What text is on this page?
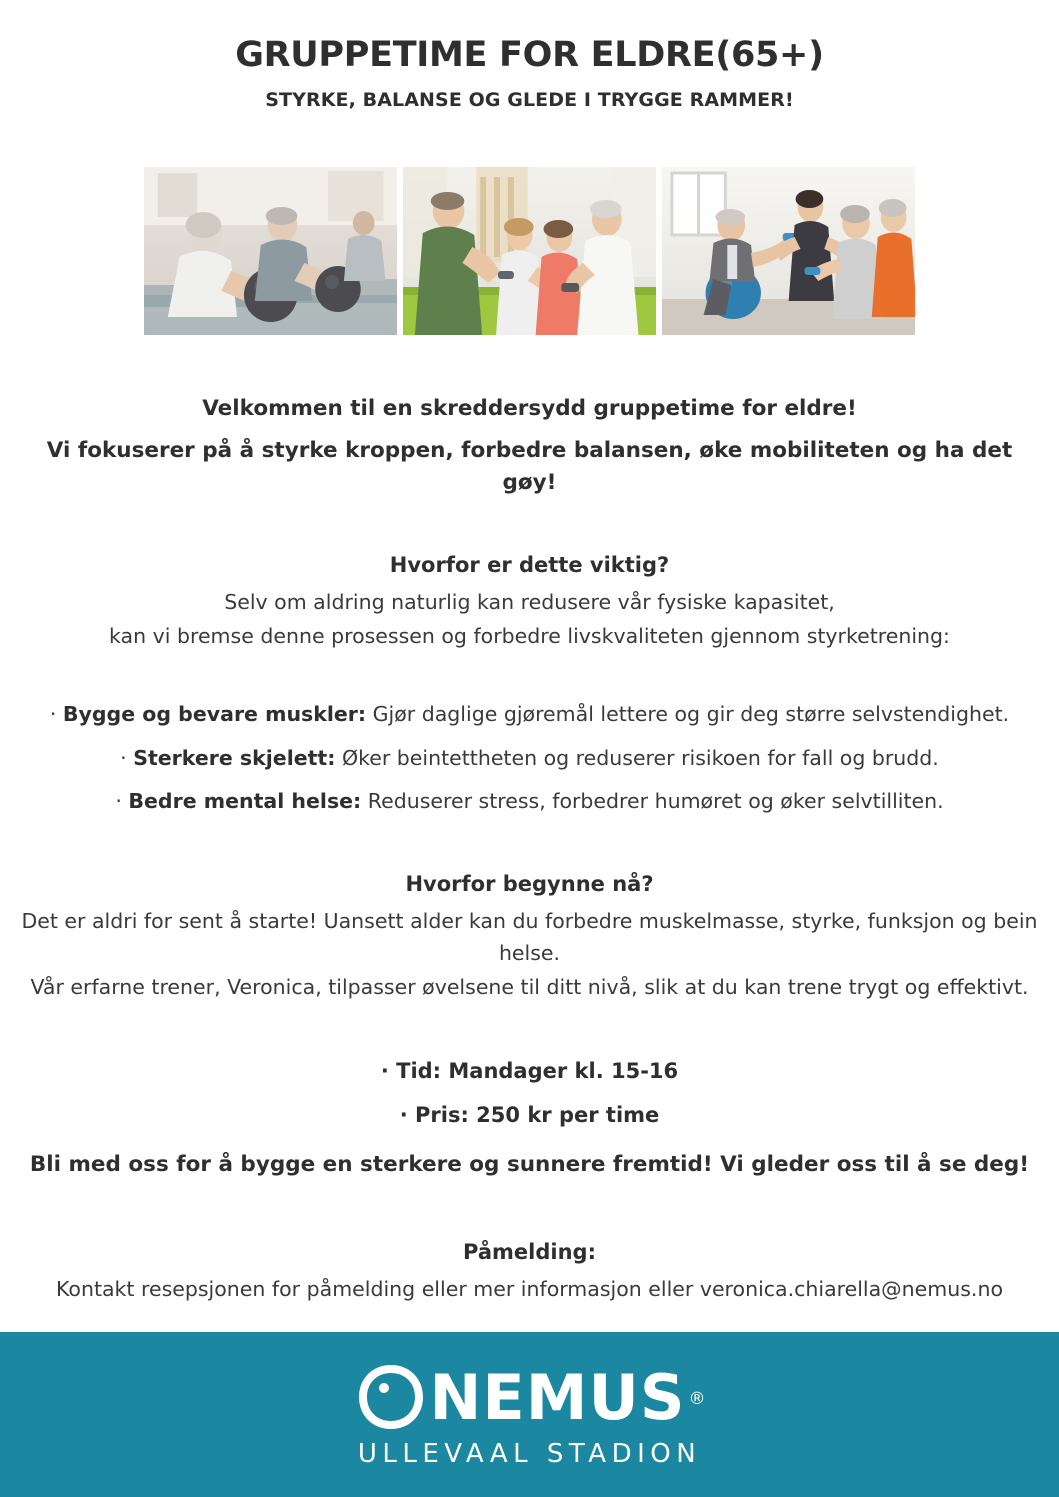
GRUPPETIME FOR ELDRE(65+)
STYRKE, BALANSE OG GLEDE I TRYGGE RAMMER!
Velkommen til en skreddersydd gruppetime for eldre!
Vi fokuserer på å styrke kroppen, forbedre balansen, øke mobiliteten og ha det gøy!
Hvorfor er dette viktig?
Selv om aldring naturlig kan redusere vår fysiske kapasitet,
kan vi bremse denne prosessen og forbedre livskvaliteten gjennom styrketrening:
· Bygge og bevare muskler: Gjør daglige gjøremål lettere og gir deg større selvstendighet.
· Sterkere skjelett: Øker beintettheten og reduserer risikoen for fall og brudd.
· Bedre mental helse: Reduserer stress, forbedrer humøret og øker selvtilliten.
Hvorfor begynne nå?
Det er aldri for sent å starte! Uansett alder kan du forbedre muskelmasse, styrke, funksjon og bein helse.
Vår erfarne trener, Veronica, tilpasser øvelsene til ditt nivå, slik at du kan trene trygt og effektivt.
· Tid: Mandager kl. 15-16
· Pris: 250 kr per time
Bli med oss for å bygge en sterkere og sunnere fremtid! Vi gleder oss til å se deg!
Påmelding:
Kontakt resepsjonen for påmelding eller mer informasjon eller veronica.chiarella@nemus.no
NEMUS ®
ULLEVAAL STADION
